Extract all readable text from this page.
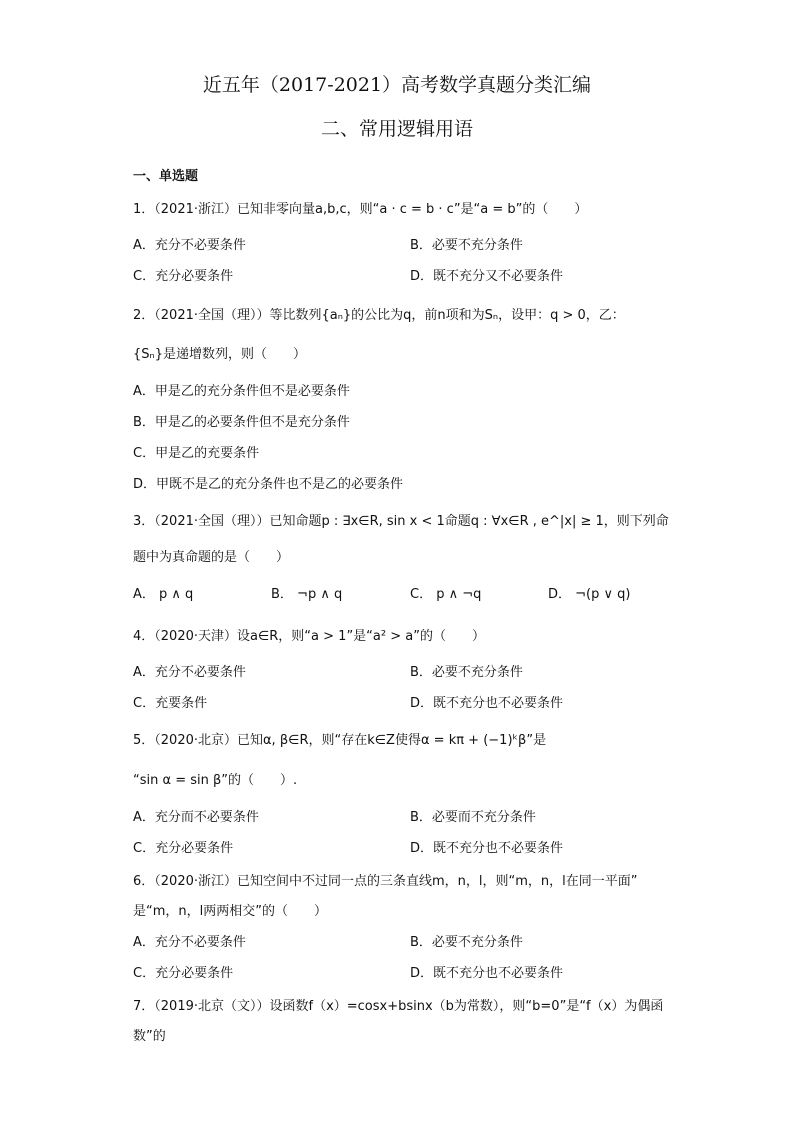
近五年（2017-2021）高考数学真题分类汇编
二、常用逻辑用语
一、单选题
1．（2021·浙江）已知非零向量a,b,c，则“a · c = b · c”是“a = b”的（　　）
A．充分不必要条件	B．必要不充分条件
C．充分必要条件	D．既不充分又不必要条件
2．（2021·全国（理））等比数列{aₙ}的公比为q，前n项和为Sₙ，设甲：q > 0，乙：
{Sₙ}是递增数列，则（　　）
A．甲是乙的充分条件但不是必要条件
B．甲是乙的必要条件但不是充分条件
C．甲是乙的充要条件
D．甲既不是乙的充分条件也不是乙的必要条件
3．（2021·全国（理））已知命题p : ∃x∈R, sin x < 1命题q : ∀x∈R , e^|x| ≥ 1，则下列命
题中为真命题的是（　　）
A． p ∧ q	B． ¬p ∧ q	C． p ∧ ¬q	D． ¬(p ∨ q)
4．（2020·天津）设a∈R，则“a > 1”是“a² > a”的（　　）
A．充分不必要条件	B．必要不充分条件
C．充要条件	D．既不充分也不必要条件
5．（2020·北京）已知α, β∈R，则“存在k∈Z使得α = kπ + (−1)ᵏβ”是
“sin α = sin β”的（　　）.
A．充分而不必要条件	B．必要而不充分条件
C．充分必要条件	D．既不充分也不必要条件
6．（2020·浙江）已知空间中不过同一点的三条直线m，n，l，则“m，n，l在同一平面”
是“m，n，l两两相交”的（　　）
A．充分不必要条件	B．必要不充分条件
C．充分必要条件	D．既不充分也不必要条件
7．（2019·北京（文））设函数f（x）=cosx+bsinx（b为常数），则“b=0”是“f（x）为偶函
数”的
